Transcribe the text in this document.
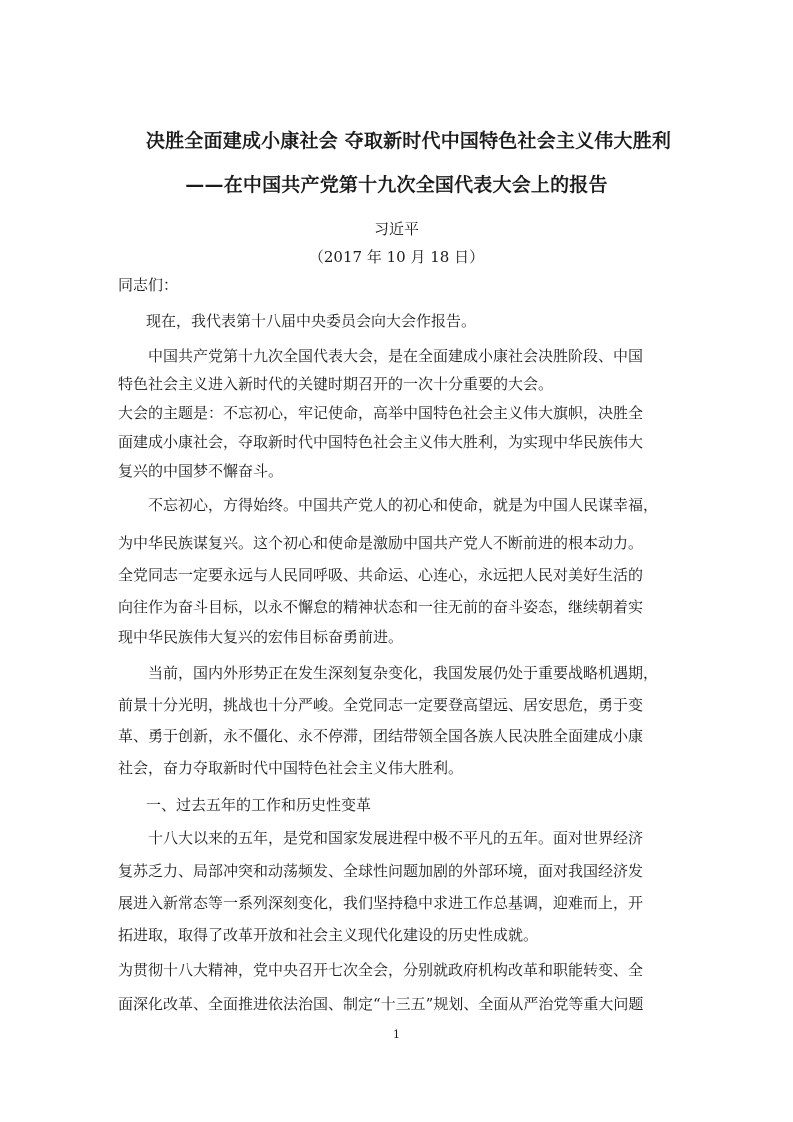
决胜全面建成小康社会 夺取新时代中国特色社会主义伟大胜利
——在中国共产党第十九次全国代表大会上的报告
习近平
（2017 年 10 月 18 日）
同志们：
现在，我代表第十八届中央委员会向大会作报告。
中国共产党第十九次全国代表大会，是在全面建成小康社会决胜阶段、中国
特色社会主义进入新时代的关键时期召开的一次十分重要的大会。
大会的主题是：不忘初心，牢记使命，高举中国特色社会主义伟大旗帜，决胜全
面建成小康社会，夺取新时代中国特色社会主义伟大胜利，为实现中华民族伟大
复兴的中国梦不懈奋斗。
不忘初心，方得始终。中国共产党人的初心和使命，就是为中国人民谋幸福，
为中华民族谋复兴。这个初心和使命是激励中国共产党人不断前进的根本动力。
全党同志一定要永远与人民同呼吸、共命运、心连心，永远把人民对美好生活的
向往作为奋斗目标，以永不懈怠的精神状态和一往无前的奋斗姿态，继续朝着实
现中华民族伟大复兴的宏伟目标奋勇前进。
当前，国内外形势正在发生深刻复杂变化，我国发展仍处于重要战略机遇期，
前景十分光明，挑战也十分严峻。全党同志一定要登高望远、居安思危，勇于变
革、勇于创新，永不僵化、永不停滞，团结带领全国各族人民决胜全面建成小康
社会，奋力夺取新时代中国特色社会主义伟大胜利。
一、过去五年的工作和历史性变革
十八大以来的五年，是党和国家发展进程中极不平凡的五年。面对世界经济
复苏乏力、局部冲突和动荡频发、全球性问题加剧的外部环境，面对我国经济发
展进入新常态等一系列深刻变化，我们坚持稳中求进工作总基调，迎难而上，开
拓进取，取得了改革开放和社会主义现代化建设的历史性成就。
为贯彻十八大精神，党中央召开七次全会，分别就政府机构改革和职能转变、全
面深化改革、全面推进依法治国、制定“十三五”规划、全面从严治党等重大问题
1
